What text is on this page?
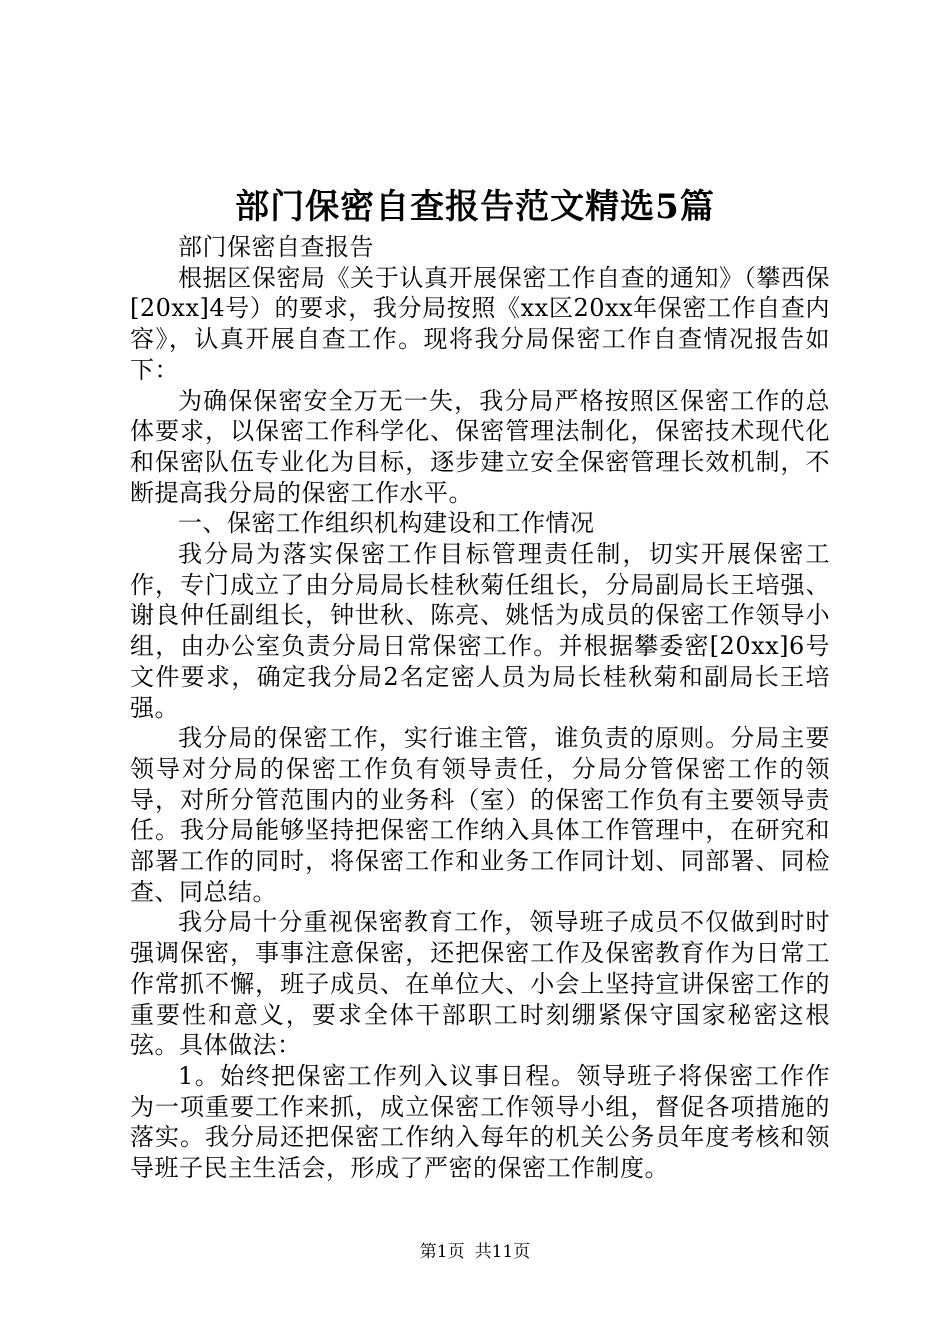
部门保密自查报告范文精选5篇

部门保密自查报告

根据区保密局《关于认真开展保密工作自查的通知》（攀西保[20xx]4号）的要求，我分局按照《xx区20xx年保密工作自查内容》，认真开展自查工作。现将我分局保密工作自查情况报告如下：

为确保保密安全万无一失，我分局严格按照区保密工作的总体要求，以保密工作科学化、保密管理法制化，保密技术现代化和保密队伍专业化为目标，逐步建立安全保密管理长效机制，不断提高我分局的保密工作水平。

一、保密工作组织机构建设和工作情况

我分局为落实保密工作目标管理责任制，切实开展保密工作，专门成立了由分局局长桂秋菊任组长，分局副局长王培强、谢良仲任副组长，钟世秋、陈亮、姚恬为成员的保密工作领导小组，由办公室负责分局日常保密工作。并根据攀委密[20xx]6号文件要求，确定我分局2名定密人员为局长桂秋菊和副局长王培强。

我分局的保密工作，实行谁主管，谁负责的原则。分局主要领导对分局的保密工作负有领导责任，分局分管保密工作的领导，对所分管范围内的业务科（室）的保密工作负有主要领导责任。我分局能够坚持把保密工作纳入具体工作管理中，在研究和部署工作的同时，将保密工作和业务工作同计划、同部署、同检查、同总结。

我分局十分重视保密教育工作，领导班子成员不仅做到时时强调保密，事事注意保密，还把保密工作及保密教育作为日常工作常抓不懈，班子成员、在单位大、小会上坚持宣讲保密工作的重要性和意义，要求全体干部职工时刻绷紧保守国家秘密这根弦。具体做法：

1。始终把保密工作列入议事日程。领导班子将保密工作作为一项重要工作来抓，成立保密工作领导小组，督促各项措施的落实。我分局还把保密工作纳入每年的机关公务员年度考核和领导班子民主生活会，形成了严密的保密工作制度。

第1页 共11页
